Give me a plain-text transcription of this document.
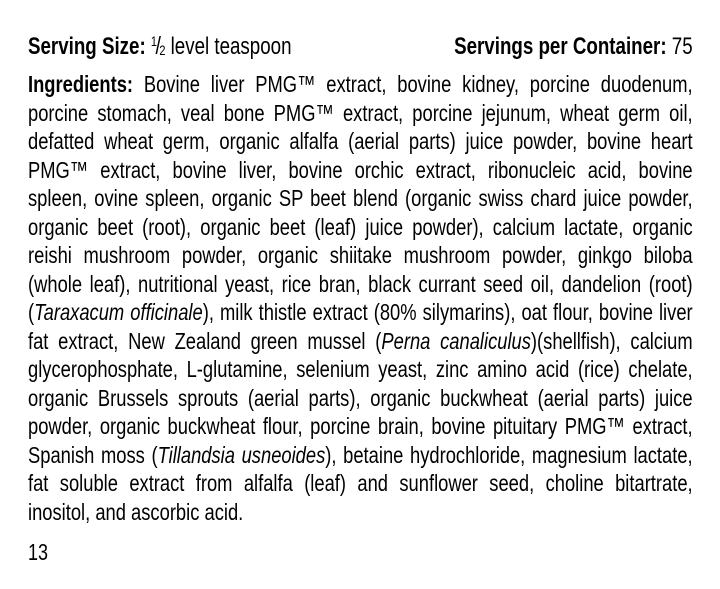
Serving Size: $^1$/2 level teaspoon	Servings per Container: 75

Ingredients: Bovine liver PMG™ extract, bovine kidney, porcine duodenum, porcine stomach, veal bone PMG™ extract, porcine jejunum, wheat germ oil, defatted wheat germ, organic alfalfa (aerial parts) juice powder, bovine heart PMG™ extract, bovine liver, bovine orchic extract, ribonucleic acid, bovine spleen, ovine spleen, organic SP beet blend (organic swiss chard juice powder, organic beet (root), organic beet (leaf) juice powder), calcium lactate, organic reishi mushroom powder, organic shiitake mushroom powder, ginkgo biloba (whole leaf), nutritional yeast, rice bran, black currant seed oil, dandelion (root) (Taraxacum officinale), milk thistle extract (80% silymarins), oat flour, bovine liver fat extract, New Zealand green mussel (Perna canaliculus)(shellfish), calcium glycerophosphate, L-glutamine, selenium yeast, zinc amino acid (rice) chelate, organic Brussels sprouts (aerial parts), organic buckwheat (aerial parts) juice powder, organic buckwheat flour, porcine brain, bovine pituitary PMG™ extract, Spanish moss (Tillandsia usneoides), betaine hydrochloride, magnesium lactate, fat soluble extract from alfalfa (leaf) and sunflower seed, choline bitartrate, inositol, and ascorbic acid.

13
